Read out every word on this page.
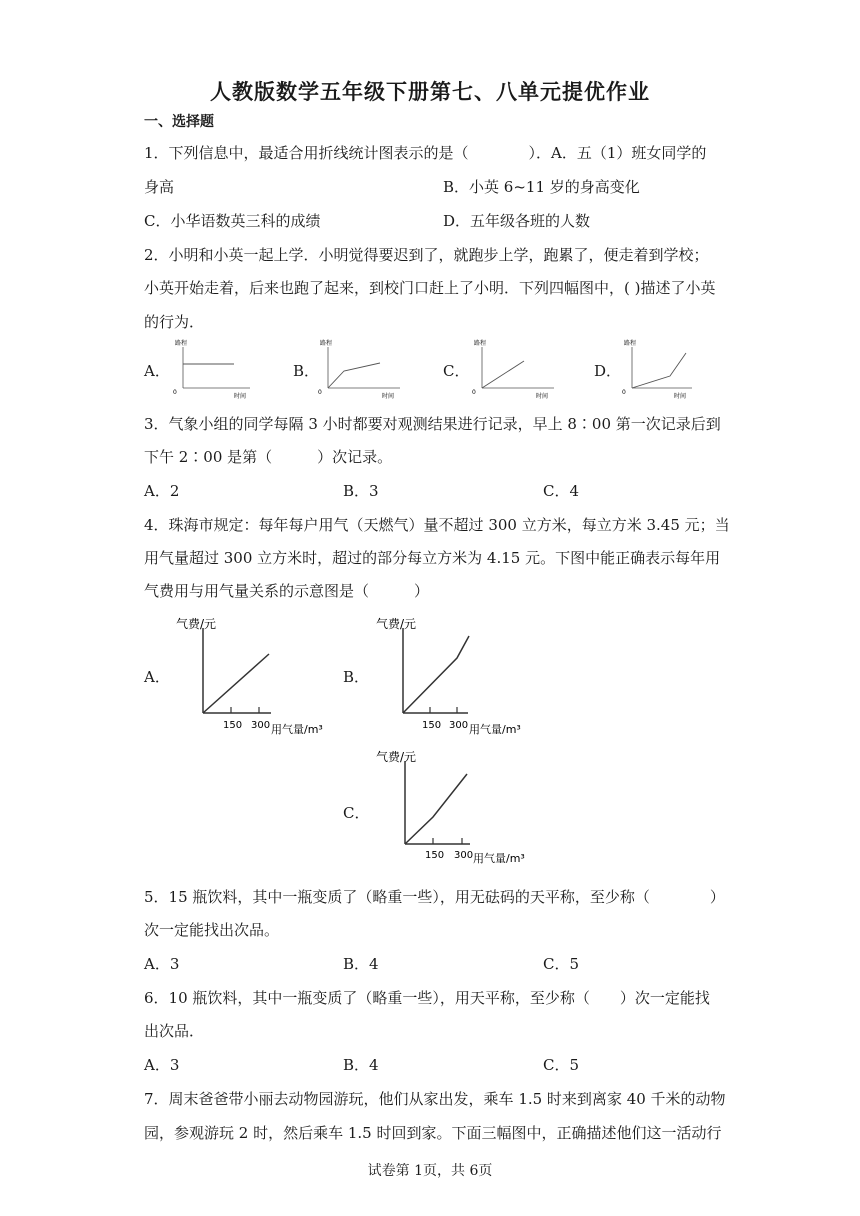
人教版数学五年级下册第七、八单元提优作业
一、选择题
1．下列信息中，最适合用折线统计图表示的是（　　　　）．A．五（1）班女同学的
身高	B．小英 6~11 岁的身高变化
C．小华语数英三科的成绩	D．五年级各班的人数
2．小明和小英一起上学．小明觉得要迟到了，就跑步上学，跑累了，便走着到学校；
小英开始走着，后来也跑了起来，到校门口赶上了小明．下列四幅图中，( )描述了小英
的行为．
A．
路程
0
时间
B．
路程
0
时间
C．
路程
0
时间
D．
路程
0
时间
3．气象小组的同学每隔 3 小时都要对观测结果进行记录，早上 8∶00 第一次记录后到
下午 2∶00 是第（　　　）次记录。
A．2	B．3	C．4
4．珠海市规定：每年每户用气（天燃气）量不超过 300 立方米，每立方米 3.45 元；当
用气量超过 300 立方米时，超过的部分每立方米为 4.15 元。下图中能正确表示每年用
气费用与用气量关系的示意图是（　　　）
A．
气费/元
150 300 用气量/m³
B．
气费/元
150 300 用气量/m³
C．
气费/元
150 300 用气量/m³
5．15 瓶饮料，其中一瓶变质了（略重一些），用无砝码的天平称，至少称（　　　　）
次一定能找出次品。
A．3	B．4	C．5
6．10 瓶饮料，其中一瓶变质了（略重一些），用天平称，至少称（　　）次一定能找
出次品．
A．3	B．4	C．5
7．周末爸爸带小丽去动物园游玩，他们从家出发，乘车 1.5 时来到离家 40 千米的动物
园，参观游玩 2 时，然后乘车 1.5 时回到家。下面三幅图中，正确描述他们这一活动行
试卷第 1页，共 6页
